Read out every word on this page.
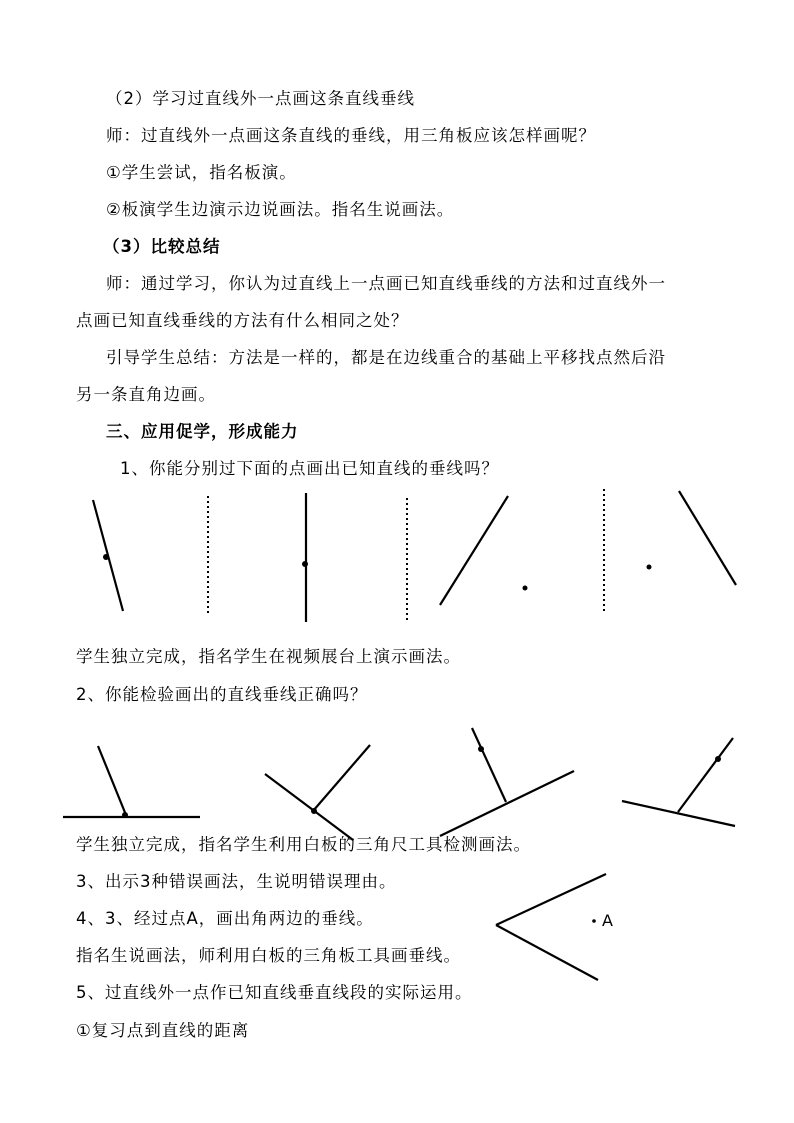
（2）学习过直线外一点画这条直线垂线
师：过直线外一点画这条直线的垂线，用三角板应该怎样画呢？
①学生尝试，指名板演。
②板演学生边演示边说画法。指名生说画法。
（3）比较总结
师：通过学习，你认为过直线上一点画已知直线垂线的方法和过直线外一
点画已知直线垂线的方法有什么相同之处？
引导学生总结：方法是一样的，都是在边线重合的基础上平移找点然后沿
另一条直角边画。
三、应用促学，形成能力
1、你能分别过下面的点画出已知直线的垂线吗？
学生独立完成，指名学生在视频展台上演示画法。
2、你能检验画出的直线垂线正确吗？
学生独立完成，指名学生利用白板的三角尺工具检测画法。
3、出示3种错误画法，生说明错误理由。
4、3、经过点A，画出角两边的垂线。
指名生说画法，师利用白板的三角板工具画垂线。
5、过直线外一点作已知直线垂直线段的实际运用。
①复习点到直线的距离
A
